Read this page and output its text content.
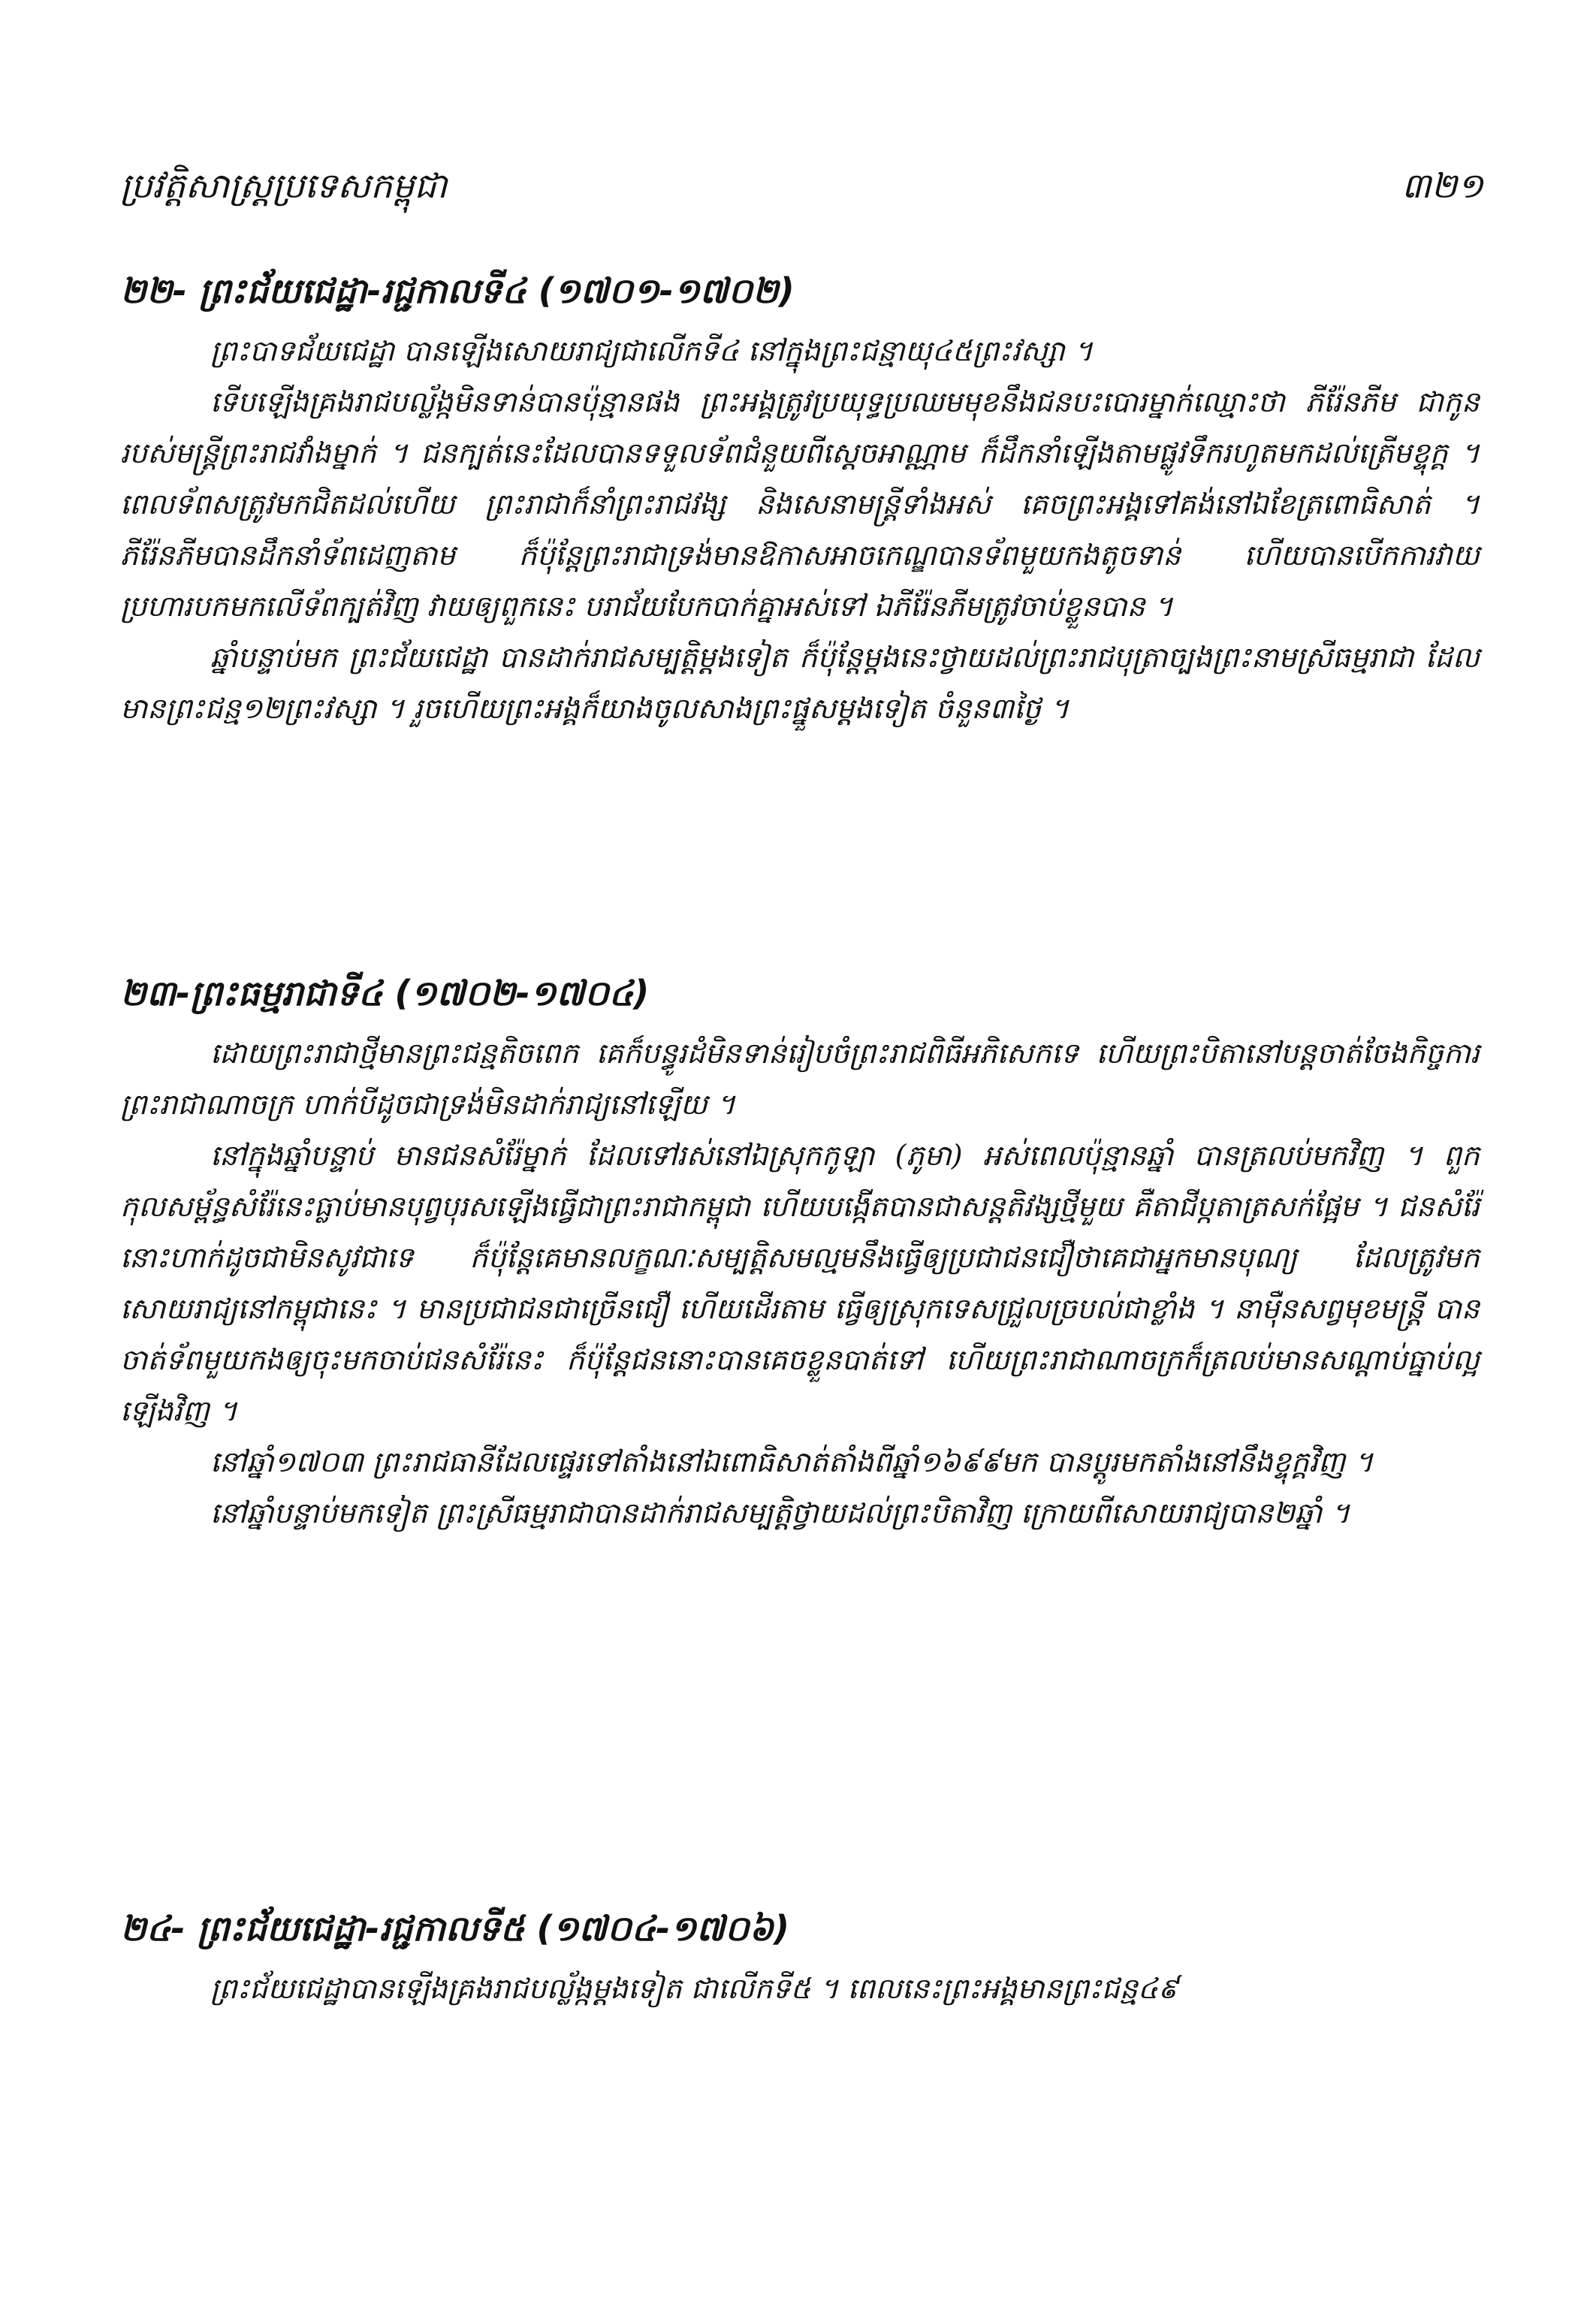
ប្រវត្តិសាស្ត្រប្រទេសកម្ពុជា	៣២១
២២- ព្រះជ័យជេដ្ឋា-រជ្ជកាលទី៤ (១៧០១-១៧០២)

ព្រះបាទជ័យជេដ្ឋា បានឡើងសោយរាជ្យជាលើកទី៤ នៅក្នុងព្រះជន្មាយុ៤៥ព្រះវស្សា ។

ទើបឡើងគ្រងរាជបល្ល័ង្កមិនទាន់បានប៉ុន្មានផង ព្រះអង្គត្រូវប្រយុទ្ធប្រឈមមុខនឹងជនបះបោរម្នាក់ឈ្មោះថា ភីរ៉ែនភីម ជាកូនរបស់មន្ត្រីព្រះរាជវាំងម្នាក់ ។ ជនក្បត់នេះដែលបានទទួលទ័ពជំនួយពីស្តេចអាណ្ណាម ក៏ដឹកនាំឡើងតាមផ្លូវទឹករហូតមកដល់ត្រើមខ្ទុក្គ ។ ពេលទ័ពសត្រូវមកជិតដល់ហើយ ព្រះរាជាក៏នាំព្រះរាជវង្ស និងសេនាមន្ត្រីទាំងអស់ គេចព្រះអង្គទៅគង់នៅឯខែត្រពោធិសាត់ ។ ភីរ៉ែនភីមបានដឹកនាំទ័ពដេញតាម ក៏ប៉ុន្តែព្រះរាជាទ្រង់មានឱកាសអាចកេណ្ឌបានទ័ពមួយកងតូចទាន់ ហើយបានបើកការវាយប្រហារបកមកលើទ័ពក្បត់វិញ វាយឲ្យពួកនេះ បរាជ័យបែកបាក់គ្នាអស់ទៅ ឯភីរ៉ែនភីមត្រូវចាប់ខ្លួនបាន ។

ឆ្នាំបន្ទាប់មក ព្រះជ័យជេដ្ឋា បានដាក់រាជសម្បត្តិម្តងទៀត ក៏ប៉ុន្តែម្តងនេះថ្វាយដល់ព្រះរាជបុត្រាច្បងព្រះនាមស្រីធម្មរាជា ដែលមានព្រះជន្ម១២ព្រះវស្សា ។ រួចហើយព្រះអង្គក៏យាងចូលសាងព្រះផ្នួសម្តងទៀត ចំនួន៣ថ្ងៃ ។

២៣-ព្រះធម្មរាជាទី៤ (១៧០២-១៧០៤)

ដោយព្រះរាជាថ្មីមានព្រះជន្មតិចពេក គេក៏បន្ធូរដំមិនទាន់រៀបចំព្រះរាជពិធីអភិសេកទេ ហើយព្រះបិតានៅបន្តចាត់ចែងកិច្ចការព្រះរាជាណាចក្រ ហាក់បីដូចជាទ្រង់មិនដាក់រាជ្យនៅឡើយ ។

នៅក្នុងឆ្នាំបន្ទាប់ មានជនសំរ៉ែម្នាក់ ដែលទៅរស់នៅឯស្រុកកូឡា (ភូមា) អស់ពេលប៉ុន្មានឆ្នាំ បានត្រលប់មកវិញ ។ ពួកកុលសម្ព័ន្ធសំរ៉ែនេះធ្លាប់មានបុព្វបុរសឡើងធ្វើជាព្រះរាជាកម្ពុជា ហើយបង្កើតបានជាសន្តតិវង្សថ្មីមួយ គឺតាជីប្កតាត្រសក់ផ្អែម ។ ជនសំរ៉ែនោះហាក់ដូចជាមិនសូវជាទេ ក៏ប៉ុន្តែគេមានលក្ខណៈសម្បត្តិសមល្មមនឹងធ្វើឲ្យប្រជាជនជឿថាគេជាអ្នកមានបុណ្យ ដែលត្រូវមកសោយរាជ្យនៅកម្ពុជានេះ ។ មានប្រជាជនជាច្រើនជឿ ហើយដើរតាម ធ្វើឲ្យស្រុកទេសជ្រួលច្របល់ជាខ្លាំង ។ នាម៉ឺនសព្វមុខមន្ត្រី បានចាត់ទ័ពមួយកងឲ្យចុះមកចាប់ជនសំរ៉ែនេះ ក៏ប៉ុន្តែជននោះបានគេចខ្លួនបាត់ទៅ ហើយព្រះរាជាណាចក្រក៏ត្រលប់មានសណ្តាប់ធ្នាប់ល្អឡើងវិញ ។

នៅឆ្នាំ១៧០៣ ព្រះរាជធានីដែលផ្ទេរទៅតាំងនៅឯពោធិសាត់តាំងពីឆ្នាំ១៦៩៩មក បានប្តូរមកតាំងនៅនឹងខ្ទុក្គវិញ ។

នៅឆ្នាំបន្ទាប់មកទៀត ព្រះស្រីធម្មរាជាបានដាក់រាជសម្បត្តិថ្វាយដល់ព្រះបិតាវិញ ក្រោយពីសោយរាជ្យបាន២ឆ្នាំ ។

២៤- ព្រះជ័យជេដ្ឋា-រជ្ជកាលទី៥ (១៧០៤-១៧០៦)

ព្រះជ័យជេដ្ឋាបានឡើងគ្រងរាជបល្ល័ង្កម្តងទៀត ជាលើកទី៥ ។ ពេលនេះព្រះអង្គមានព្រះជន្ម៤៩
